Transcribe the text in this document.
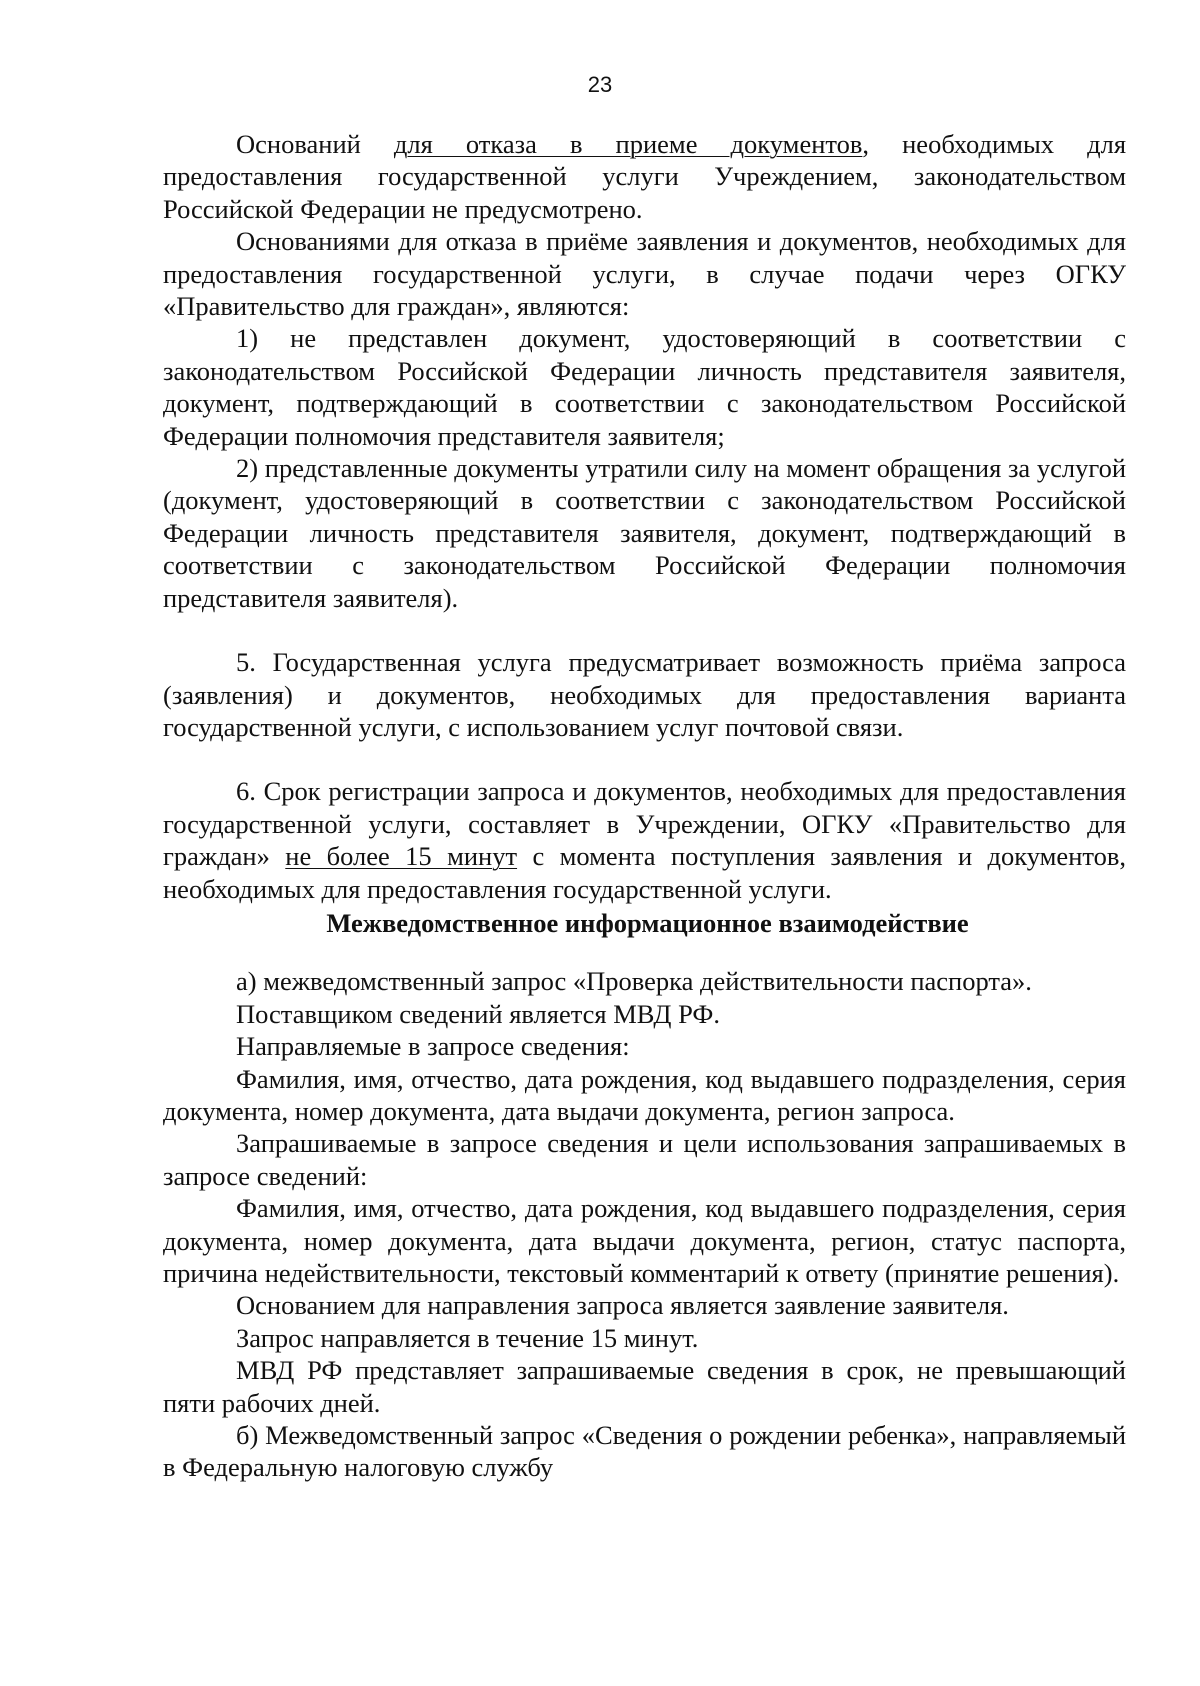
23

Оснований для отказа в приеме документов, необходимых для предоставления государственной услуги Учреждением, законодательством Российской Федерации не предусмотрено.

Основаниями для отказа в приёме заявления и документов, необходимых для предоставления государственной услуги, в случае подачи через ОГКУ «Правительство для граждан», являются:

1) не представлен документ, удостоверяющий в соответствии с законодательством Российской Федерации личность представителя заявителя, документ, подтверждающий в соответствии с законодательством Российской Федерации полномочия представителя заявителя;

2) представленные документы утратили силу на момент обращения за услугой (документ, удостоверяющий в соответствии с законодательством Российской Федерации личность представителя заявителя, документ, подтверждающий в соответствии с законодательством Российской Федерации полномочия представителя заявителя).

5. Государственная услуга предусматривает возможность приёма запроса (заявления) и документов, необходимых для предоставления варианта государственной услуги, с использованием услуг почтовой связи.

6. Срок регистрации запроса и документов, необходимых для предоставления государственной услуги, составляет в Учреждении, ОГКУ «Правительство для граждан» не более 15 минут с момента поступления заявления и документов, необходимых для предоставления государственной услуги.

Межведомственное информационное взаимодействие

а) межведомственный запрос «Проверка действительности паспорта».

Поставщиком сведений является МВД РФ.

Направляемые в запросе сведения:

Фамилия, имя, отчество, дата рождения, код выдавшего подразделения, серия документа, номер документа, дата выдачи документа, регион запроса.

Запрашиваемые в запросе сведения и цели использования запрашиваемых в запросе сведений:

Фамилия, имя, отчество, дата рождения, код выдавшего подразделения, серия документа, номер документа, дата выдачи документа, регион, статус паспорта, причина недействительности, текстовый комментарий к ответу (принятие решения).

Основанием для направления запроса является заявление заявителя.

Запрос направляется в течение 15 минут.

МВД РФ представляет запрашиваемые сведения в срок, не превышающий пяти рабочих дней.

б) Межведомственный запрос «Сведения о рождении ребенка», направляемый в Федеральную налоговую службу
